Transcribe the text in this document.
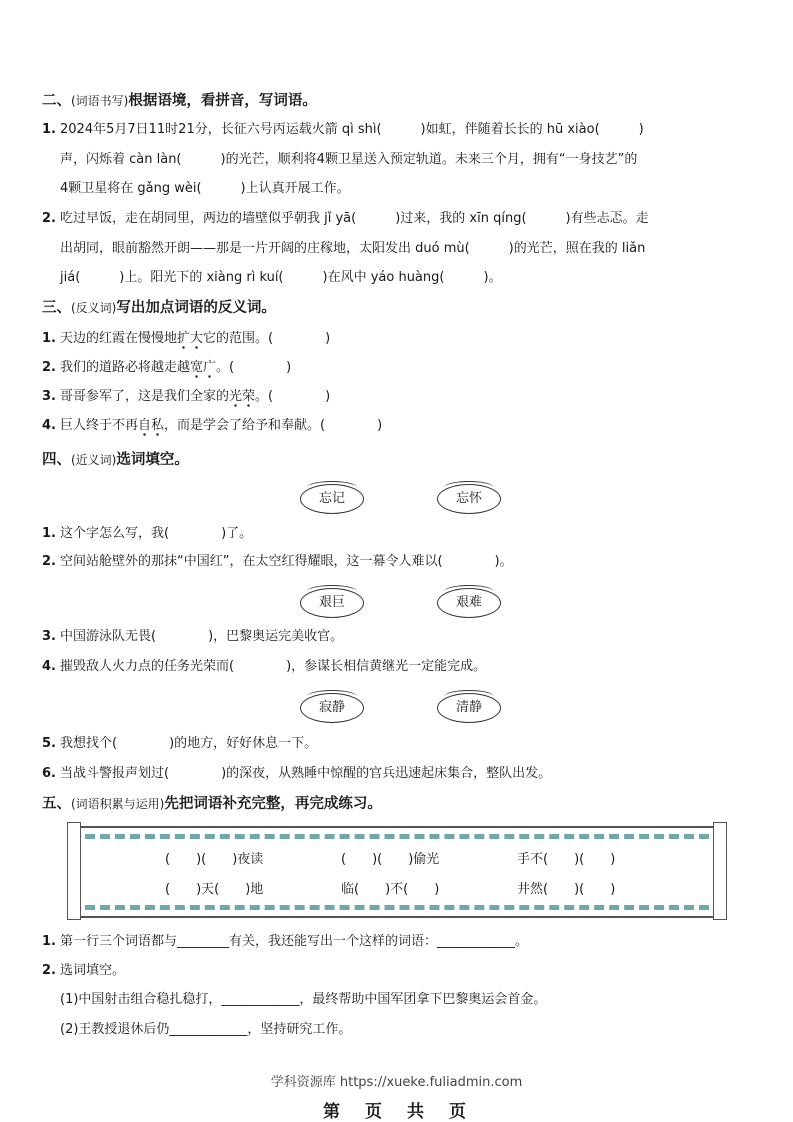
二、(词语书写)根据语境，看拼音，写词语。
1. 2024年5月7日11时21分，长征六号丙运载火箭 qì shì(　　　)如虹，伴随着长长的 hū xiào(　　　)
声，闪烁着 càn làn(　　　)的光芒，顺利将4颗卫星送入预定轨道。未来三个月，拥有“一身技艺”的
4颗卫星将在 gǎng wèi(　　　)上认真开展工作。
2. 吃过早饭，走在胡同里，两边的墙壁似乎朝我 jǐ yā(　　　)过来，我的 xīn qíng(　　　)有些忐忑。走
出胡同，眼前豁然开朗——那是一片开阔的庄稼地，太阳发出 duó mù(　　　)的光芒，照在我的 liǎn
jiá(　　　)上。阳光下的 xiàng rì kuí(　　　)在风中 yáo huàng(　　　)。
三、(反义词)写出加点词语的反义词。
1. 天边的红霞在慢慢地扩大它的范围。(　　　　)
2. 我们的道路必将越走越宽广。(　　　　)
3. 哥哥参军了，这是我们全家的光荣。(　　　　)
4. 巨人终于不再自私，而是学会了给予和奉献。(　　　　)
四、(近义词)选词填空。
忘记	忘怀
1. 这个字怎么写，我(　　　　)了。
2. 空间站舱壁外的那抹“中国红”，在太空红得耀眼，这一幕令人难以(　　　　)。
艰巨	艰难
3. 中国游泳队无畏(　　　　)，巴黎奥运完美收官。
4. 摧毁敌人火力点的任务光荣而(　　　　)，参谋长相信黄继光一定能完成。
寂静	清静
5. 我想找个(　　　　)的地方，好好休息一下。
6. 当战斗警报声划过(　　　　)的深夜，从熟睡中惊醒的官兵迅速起床集合，整队出发。
五、(词语积累与运用)先把词语补充完整，再完成练习。
(　　)(　　)夜读	(　　)(　　)偷光	手不(　　)(　　)
(　　)天(　　)地	临(　　)不(　　)	井然(　　)(　　)
1. 第一行三个词语都与________有关，我还能写出一个这样的词语：____________。
2. 选词填空。
(1)中国射击组合稳扎稳打，____________，最终帮助中国军团拿下巴黎奥运会首金。
(2)王教授退休后仍____________，坚持研究工作。
学科资源库 https://xueke.fuliadmin.com
第　页　共　页
